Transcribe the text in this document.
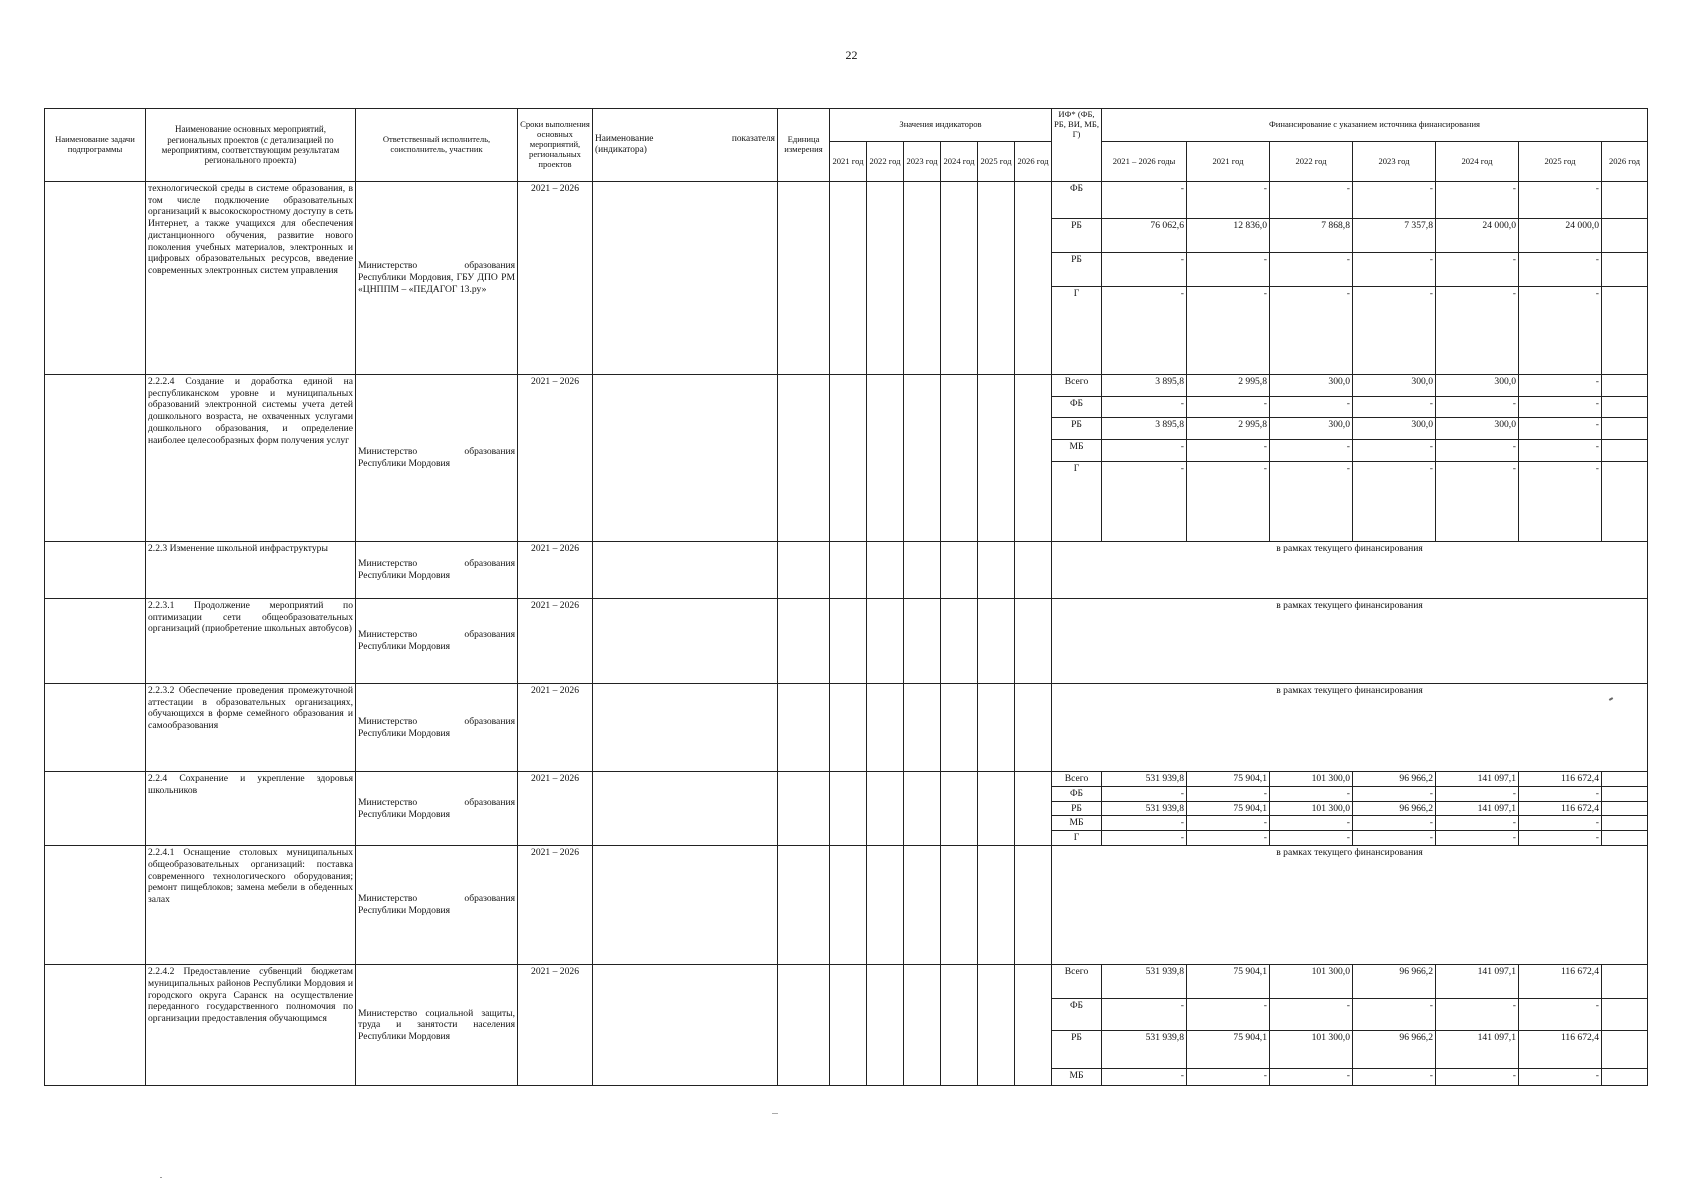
22
Наименование задачи подпрограммы	Наименование основных мероприятий, региональных проектов (с детализацией по мероприятиям, соответствующим результатам регионального проекта)	Ответственный исполнитель, соисполнитель, участник	Сроки выполнения основных мероприятий, региональных проектов	Наименование показателя
(индикатора)	Единица измерения	Значения индикаторов						ИФ* (ФБ, РБ, ВИ, МБ, Г)	Финансирование с указанием источника финансирования						
						2021 год	2022 год	2023 год	2024 год	2025 год	2026 год		2021 – 2026 годы	2021 год	2022 год	2023 год	2024 год	2025 год	2026 год
	технологической среды в системе образования, в том числе подключение образовательных организаций к высокоскоростному доступу в сеть Интернет, а также учащихся для обеспечения дистанционного обучения, развитие нового поколения учебных материалов, электронных и цифровых образовательных ресурсов, введение современных электронных систем управления	Министерство образования Республики Мордовия, ГБУ ДПО РМ «ЦНППМ – «ПЕДАГОГ 13.ру»	2021 – 2026									ФБ	-	-	-	-	-	-	
												РБ	76 062,6	12 836,0	7 868,8	7 357,8	24 000,0	24 000,0	
												РБ	-	-	-	-	-	-	
												Г	-	-	-	-	-	-	
	2.2.2.4 Создание и доработка единой на республиканском уровне и муниципальных образований электронной системы учета детей дошкольного возраста, не охваченных услугами дошкольного образования, и определение наиболее целесообразных форм получения услуг	Министерство образования Республики Мордовия	2021 – 2026									Всего	3 895,8	2 995,8	300,0	300,0	300,0	-	
												ФБ	-	-	-	-	-	-	
												РБ	3 895,8	2 995,8	300,0	300,0	300,0	-	
												МБ	-	-	-	-	-	-	
												Г	-	-	-	-	-	-	
	2.2.3 Изменение школьной инфраструктуры	Министерство образования Республики Мордовия	2021 – 2026									в рамках текущего финансирования							
	2.2.3.1 Продолжение мероприятий по оптимизации сети общеобразовательных организаций (приобретение школьных автобусов)	Министерство образования Республики Мордовия	2021 – 2026									в рамках текущего финансирования							
	2.2.3.2 Обеспечение проведения промежуточной аттестации в образовательных организациях, обучающихся в форме семейного образования и самообразования	Министерство образования Республики Мордовия	2021 – 2026									в рамках текущего финансирования							
	2.2.4 Сохранение и укрепление здоровья школьников	Министерство образования Республики Мордовия	2021 – 2026									Всего	531 939,8	75 904,1	101 300,0	96 966,2	141 097,1	116 672,4	
												ФБ	-	-	-	-	-	-	
												РБ	531 939,8	75 904,1	101 300,0	96 966,2	141 097,1	116 672,4	
												МБ	-	-	-	-	-	-	
												Г	-	-	-	-	-	-	
	2.2.4.1 Оснащение столовых муниципальных общеобразовательных организаций: поставка современного технологического оборудования; ремонт пищеблоков; замена мебели в обеденных залах	Министерство образования Республики Мордовия	2021 – 2026									в рамках текущего финансирования							
	2.2.4.2 Предоставление субвенций бюджетам муниципальных районов Республики Мордовия и городского округа Саранск на осуществление переданного государственного полномочия по организации предоставления обучающимся	Министерство социальной защиты, труда и занятости населения Республики Мордовия	2021 – 2026									Всего	531 939,8	75 904,1	101 300,0	96 966,2	141 097,1	116 672,4	
												ФБ	-	-	-	-	-	-	
												РБ	531 939,8	75 904,1	101 300,0	96 966,2	141 097,1	116 672,4	
												МБ	-	-	-	-	-	-	
